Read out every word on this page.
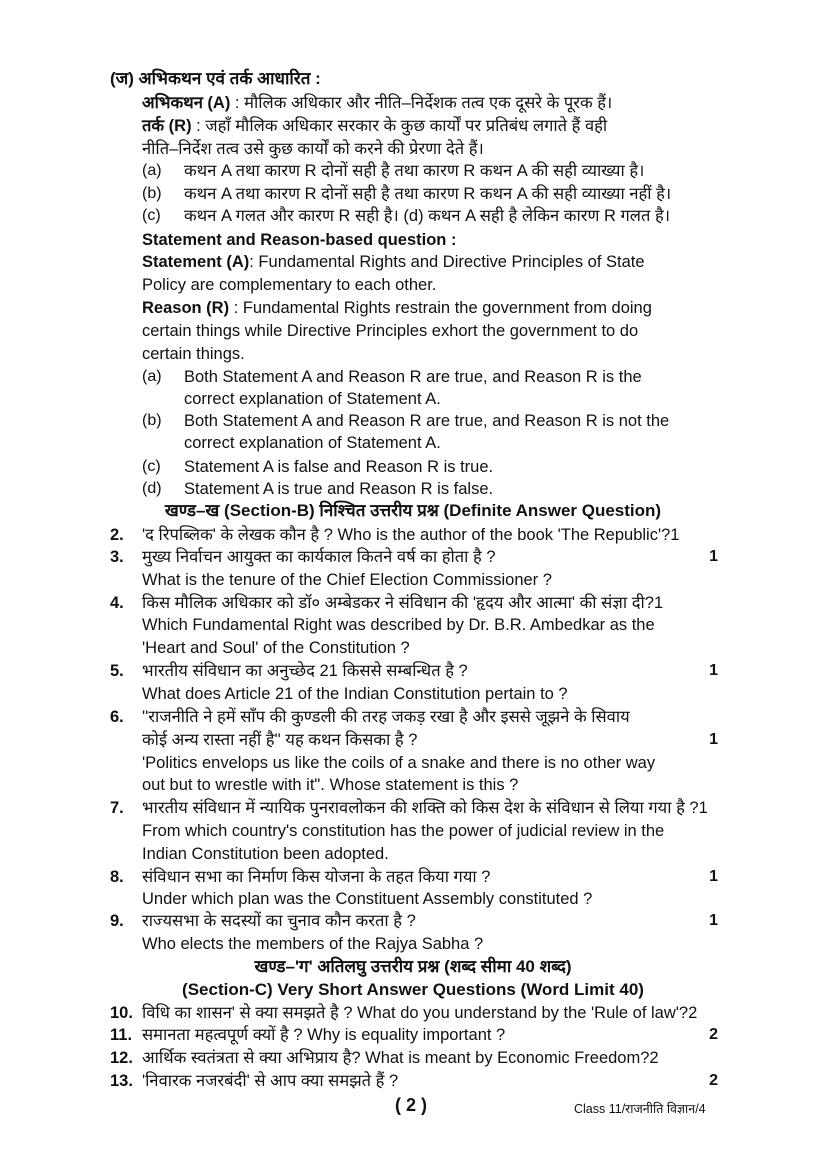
(ज) अभिकथन एवं तर्क आधारित :
अभिकथन (A) : मौलिक अधिकार और नीति–निर्देशक तत्व एक दूसरे के पूरक हैं।
तर्क (R) : जहाँ मौलिक अधिकार सरकार के कुछ कार्यों पर प्रतिबंध लगाते हैं वही
नीति–निर्देश तत्व उसे कुछ कार्यों को करने की प्रेरणा देते हैं।
(a) कथन A तथा कारण R दोनों सही है तथा कारण R कथन A की सही व्याख्या है।
(b) कथन A तथा कारण R दोनों सही है तथा कारण R कथन A की सही व्याख्या नहीं है।
(c) कथन A गलत और कारण R सही है। (d) कथन A सही है लेकिन कारण R गलत है।
Statement and Reason-based question :
Statement (A): Fundamental Rights and Directive Principles of State
Policy are complementary to each other.
Reason (R) : Fundamental Rights restrain the government from doing
certain things while Directive Principles exhort the government to do
certain things.
(a) Both Statement A and Reason R are true, and Reason R is the
correct explanation of Statement A.
(b) Both Statement A and Reason R are true, and Reason R is not the
correct explanation of Statement A.
(c) Statement A is false and Reason R is true.
(d) Statement A is true and Reason R is false.
खण्ड–ख (Section-B) निश्चित उत्तरीय प्रश्न (Definite Answer Question)
2. 'द रिपब्लिक' के लेखक कौन है ? Who is the author of the book 'The Republic'?1
3. मुख्य निर्वाचन आयुक्त का कार्यकाल कितने वर्ष का होता है ?	1
What is the tenure of the Chief Election Commissioner ?
4. किस मौलिक अधिकार को डॉ० अम्बेडकर ने संविधान की 'हृदय और आत्मा' की संज्ञा दी?1
Which Fundamental Right was described by Dr. B.R. Ambedkar as the
'Heart and Soul' of the Constitution ?
5. भारतीय संविधान का अनुच्छेद 21 किससे सम्बन्धित है ?	1
What does Article 21 of the Indian Constitution pertain to ?
6. ''राजनीति ने हमें साँप की कुण्डली की तरह जकड़ रखा है और इससे जूझने के सिवाय
कोई अन्य रास्ता नहीं है'' यह कथन किसका है ?	1
'Politics envelops us like the coils of a snake and there is no other way
out but to wrestle with it". Whose statement is this ?
7. भारतीय संविधान में न्यायिक पुनरावलोकन की शक्ति को किस देश के संविधान से लिया गया है ?1
From which country's constitution has the power of judicial review in the
Indian Constitution been adopted.
8. संविधान सभा का निर्माण किस योजना के तहत किया गया ?	1
Under which plan was the Constituent Assembly constituted ?
9. राज्यसभा के सदस्यों का चुनाव कौन करता है ?	1
Who elects the members of the Rajya Sabha ?
खण्ड–'ग' अतिलघु उत्तरीय प्रश्न (शब्द सीमा 40 शब्द)
(Section-C) Very Short Answer Questions (Word Limit 40)
10. विधि का शासन' से क्या समझते है ? What do you understand by the 'Rule of law'?2
11. समानता महत्वपूर्ण क्यों है ? Why is equality important ?	2
12. आर्थिक स्वतंत्रता से क्या अभिप्राय है? What is meant by Economic Freedom?2
13. 'निवारक नजरबंदी' से आप क्या समझते हैं ?	2
( 2 )	Class 11/राजनीति विज्ञान/4
